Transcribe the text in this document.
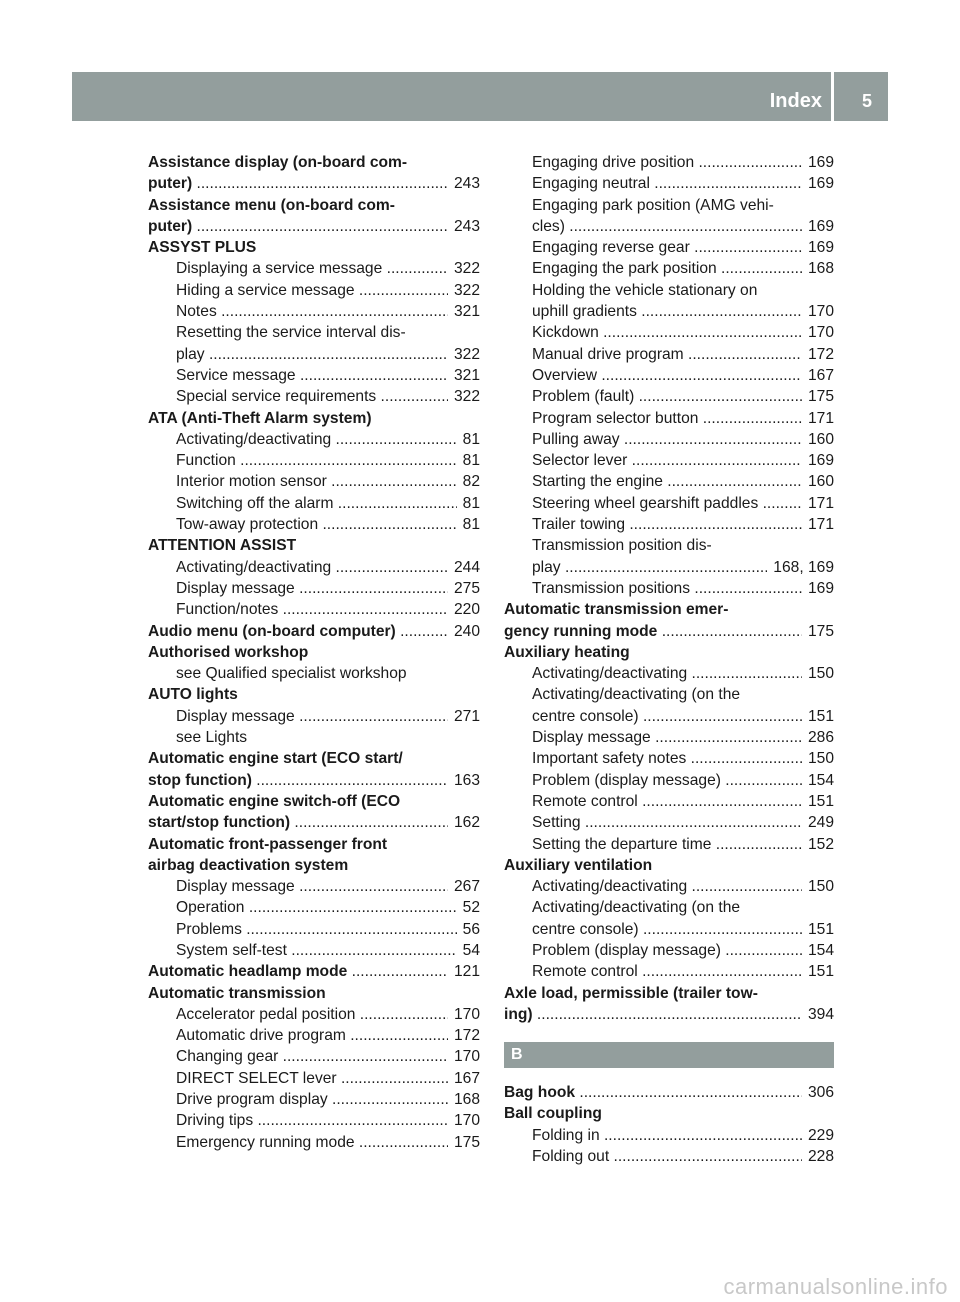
Index 5
Assistance display (on-board com-
puter) .....	243
Assistance menu (on-board com-
puter) .....	243
ASSYST PLUS
Displaying a service message .....	322
Hiding a service message .....	322
Notes .....	321
Resetting the service interval dis-
play .....	322
Service message .....	321
Special service requirements .....	322
ATA (Anti-Theft Alarm system)
Activating/deactivating .....	81
Function .....	81
Interior motion sensor .....	82
Switching off the alarm .....	81
Tow-away protection .....	81
ATTENTION ASSIST
Activating/deactivating .....	244
Display message .....	275
Function/notes .....	220
Audio menu (on-board computer) .....	240
Authorised workshop
see Qualified specialist workshop
AUTO lights
Display message .....	271
see Lights
Automatic engine start (ECO start/
stop function) .....	163
Automatic engine switch-off (ECO
start/stop function) .....	162
Automatic front-passenger front
airbag deactivation system
Display message .....	267
Operation .....	52
Problems .....	56
System self-test .....	54
Automatic headlamp mode .....	121
Automatic transmission
Accelerator pedal position .....	170
Automatic drive program .....	172
Changing gear .....	170
DIRECT SELECT lever .....	167
Drive program display .....	168
Driving tips .....	170
Emergency running mode .....	175
Engaging drive position .....	169
Engaging neutral .....	169
Engaging park position (AMG vehi-
cles) .....	169
Engaging reverse gear .....	169
Engaging the park position .....	168
Holding the vehicle stationary on
uphill gradients .....	170
Kickdown .....	170
Manual drive program .....	172
Overview .....	167
Problem (fault) .....	175
Program selector button .....	171
Pulling away .....	160
Selector lever .....	169
Starting the engine .....	160
Steering wheel gearshift paddles .....	171
Trailer towing .....	171
Transmission position dis-
play .....	168, 169
Transmission positions .....	169
Automatic transmission emer-
gency running mode .....	175
Auxiliary heating
Activating/deactivating .....	150
Activating/deactivating (on the
centre console) .....	151
Display message .....	286
Important safety notes .....	150
Problem (display message) .....	154
Remote control .....	151
Setting .....	249
Setting the departure time .....	152
Auxiliary ventilation
Activating/deactivating .....	150
Activating/deactivating (on the
centre console) .....	151
Problem (display message) .....	154
Remote control .....	151
Axle load, permissible (trailer tow-
ing) .....	394
B
Bag hook .....	306
Ball coupling
Folding in .....	229
Folding out .....	228
carmanualsonline.info
